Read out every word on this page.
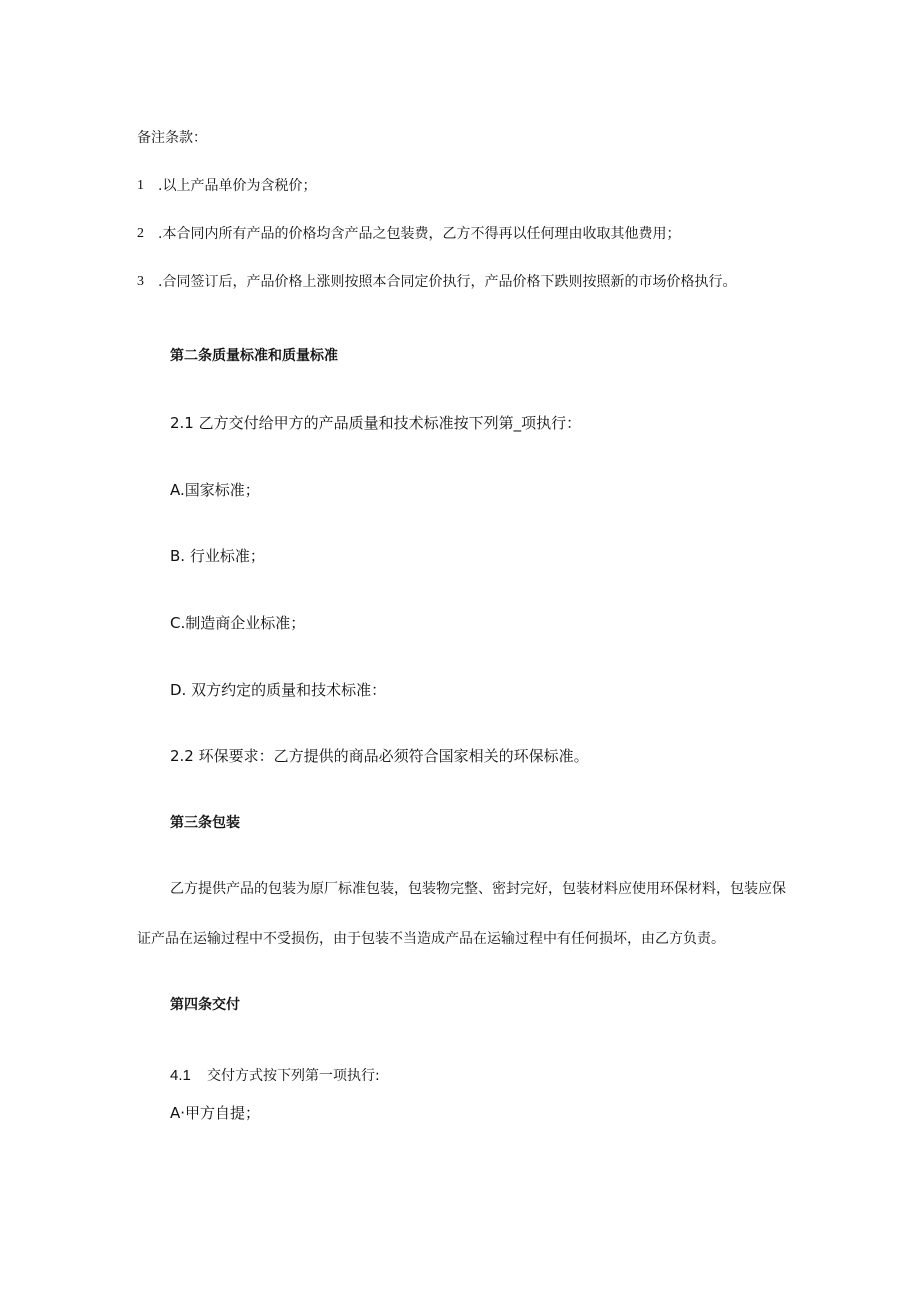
备注条款：
1 .以上产品单价为含税价；
2 .本合同内所有产品的价格均含产品之包装费，乙方不得再以任何理由收取其他费用；
3 .合同签订后，产品价格上涨则按照本合同定价执行，产品价格下跌则按照新的市场价格执行。
第二条质量标准和质量标准
2.1 乙方交付给甲方的产品质量和技术标准按下列第_项执行：
A.国家标准；
B. 行业标准；
C.制造商企业标准；
D. 双方约定的质量和技术标准：
2.2 环保要求：乙方提供的商品必须符合国家相关的环保标准。
第三条包装
乙方提供产品的包装为原厂标准包装，包装物完整、密封完好，包装材料应使用环保材料，包装应保
证产品在运输过程中不受损伤，由于包装不当造成产品在运输过程中有任何损坏，由乙方负责。
第四条交付
4.1 交付方式按下列第一项执行:
A·甲方自提；
